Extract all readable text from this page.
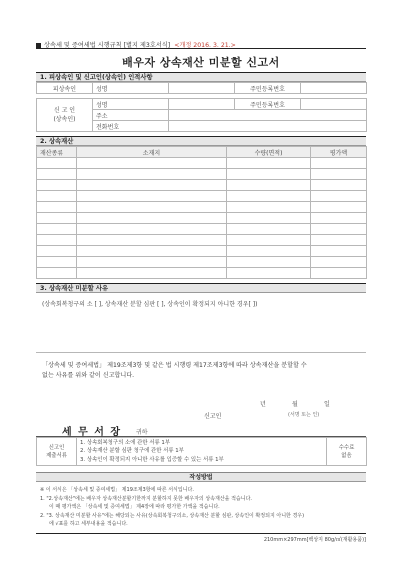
상속세 및 증여세법 시행규칙 [별지 제3호서식] <개정 2016. 3. 21.>
배우자 상속재산 미분할 신고서
1. 피상속인 및 신고인(상속인) 인적사항
피상속인	성명		주민등록번호	
신 고 인
(상속인)	성명		주민등록번호	
	주소			
	전화번호			
2. 상속재산
재산종류	소재지	수량(면적)	평가액

3. 상속재산 미분할 사유
(상속회복청구의 소 [ ], 상속재산 분할 심판 [ ], 상속인이 확정되지 아니한 경우[ ])
「상속세 및 증여세법」 제19조제3항 및 같은 법 시행령 제17조제3항에 따라 상속재산을 분할할 수
없는 사유를 위와 같이 신고합니다.
년	월	일
신고인	(서명 또는 인)
세 무 서 장 귀하
신고인
제출서류	
1. 상속회복청구의 소에 관한 서류 1부
2. 상속재산 분할 심판 청구에 관한 서류 1부
3. 상속인이 확정되지 아니한 사유를 입증할 수 있는 서류 1부
	수수료
없음
작성방법
※ 이 서식은 「상속세 및 증여세법」 제19조제3항에 따른 서식입니다.
1. "2.상속재산"에는 배우자 상속재산분할기한까지 분할하지 못한 배우자의 상속재산을 적습니다.
이 때 평가액은 「상속세 및 증여세법」 제4장에 따라 평가한 가액을 적습니다.
2. "3. 상속재산 미분할 사유"에는 해당되는 사유(상속회복청구의소, 상속재산 분할 심판, 상속인이 확정되지 아니한 경우)
에 √표를 하고 세부내용을 적습니다.
210mm×297mm[백상지 80g/㎡(재활용품)]
